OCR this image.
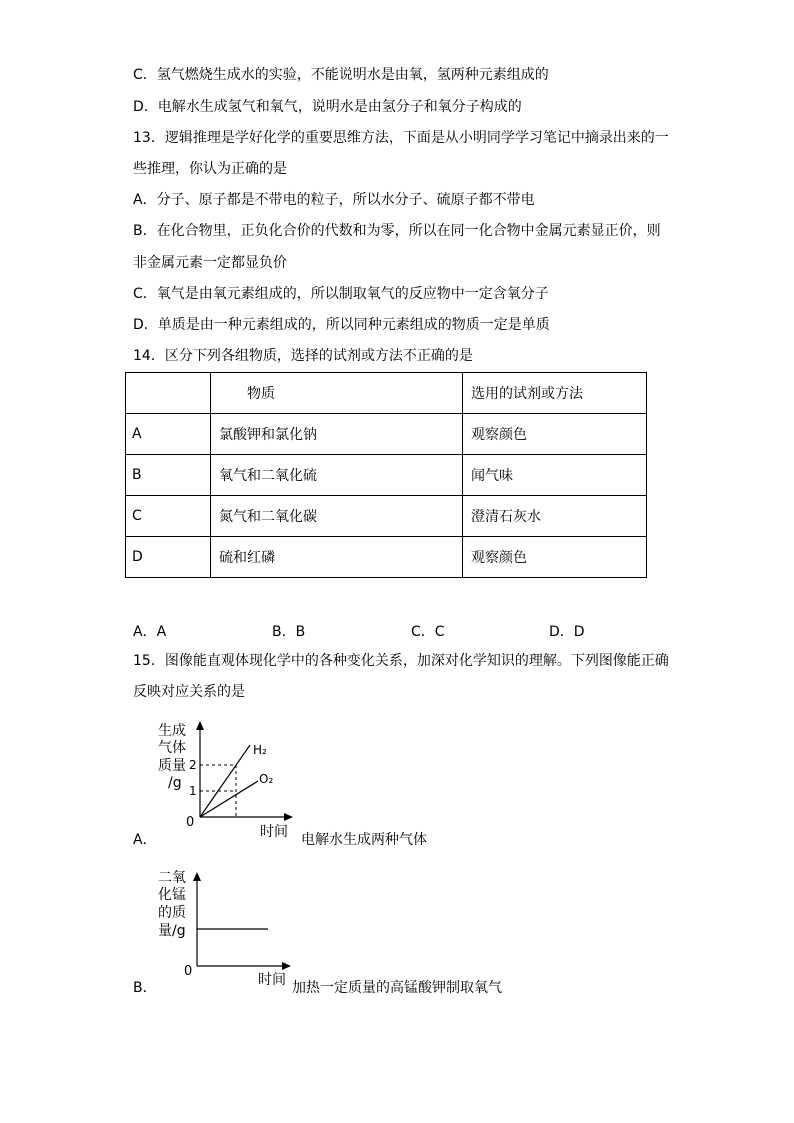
C．氢气燃烧生成水的实验，不能说明水是由氧，氢两种元素组成的
D．电解水生成氢气和氧气，说明水是由氢分子和氧分子构成的
13．逻辑推理是学好化学的重要思维方法，下面是从小明同学学习笔记中摘录出来的一
些推理，你认为正确的是
A．分子、原子都是不带电的粒子，所以水分子、硫原子都不带电
B．在化合物里，正负化合价的代数和为零，所以在同一化合物中金属元素显正价，则
非金属元素一定都显负价
C．氧气是由氧元素组成的，所以制取氧气的反应物中一定含氧分子
D．单质是由一种元素组成的，所以同种元素组成的物质一定是单质
14．区分下列各组物质，选择的试剂或方法不正确的是
	物质	选用的试剂或方法
A	氯酸钾和氯化钠	观察颜色
B	氧气和二氧化硫	闻气味
C	氮气和二氧化碳	澄清石灰水
D	硫和红磷	观察颜色
A．A	B．B	C．C	D．D
15．图像能直观体现化学中的各种变化关系，加深对化学知识的理解。下列图像能正确
反映对应关系的是
A．
生成
气体
质量
/g
2
1
H₂
O₂
0
时间 电解水生成两种气体
B．
二氧
化锰
的质
量/g
0
时间 加热一定质量的高锰酸钾制取氧气
